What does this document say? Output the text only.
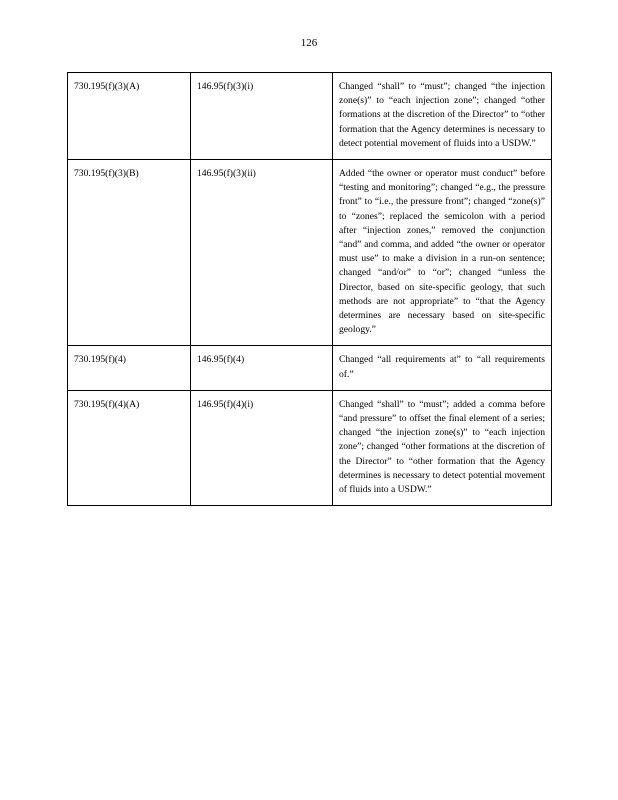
126
730.195(f)(3)(A)	146.95(f)(3)(i)	Changed “shall” to “must”; changed “the injection zone(s)” to “each injection zone”; changed “other formations at the discretion of the Director” to “other formation that the Agency determines is necessary to detect potential movement of fluids into a USDW.”
730.195(f)(3)(B)	146.95(f)(3)(ii)	Added “the owner or operator must conduct” before “testing and monitoring”; changed “e.g., the pressure front” to “i.e., the pressure front”; changed “zone(s)” to “zones”; replaced the semicolon with a period after “injection zones,” removed the conjunction “and” and comma, and added “the owner or operator must use” to make a division in a run-on sentence; changed “and/or” to “or”; changed “unless the Director, based on site-specific geology, that such methods are not appropriate” to “that the Agency determines are necessary based on site-specific geology.”
730.195(f)(4)	146.95(f)(4)	Changed “all requirements at” to “all requirements of.”
730.195(f)(4)(A)	146.95(f)(4)(i)	Changed “shall” to “must”; added a comma before “and pressure” to offset the final element of a series; changed “the injection zone(s)” to “each injection zone”; changed “other formations at the discretion of the Director” to “other formation that the Agency determines is necessary to detect potential movement of fluids into a USDW.”
